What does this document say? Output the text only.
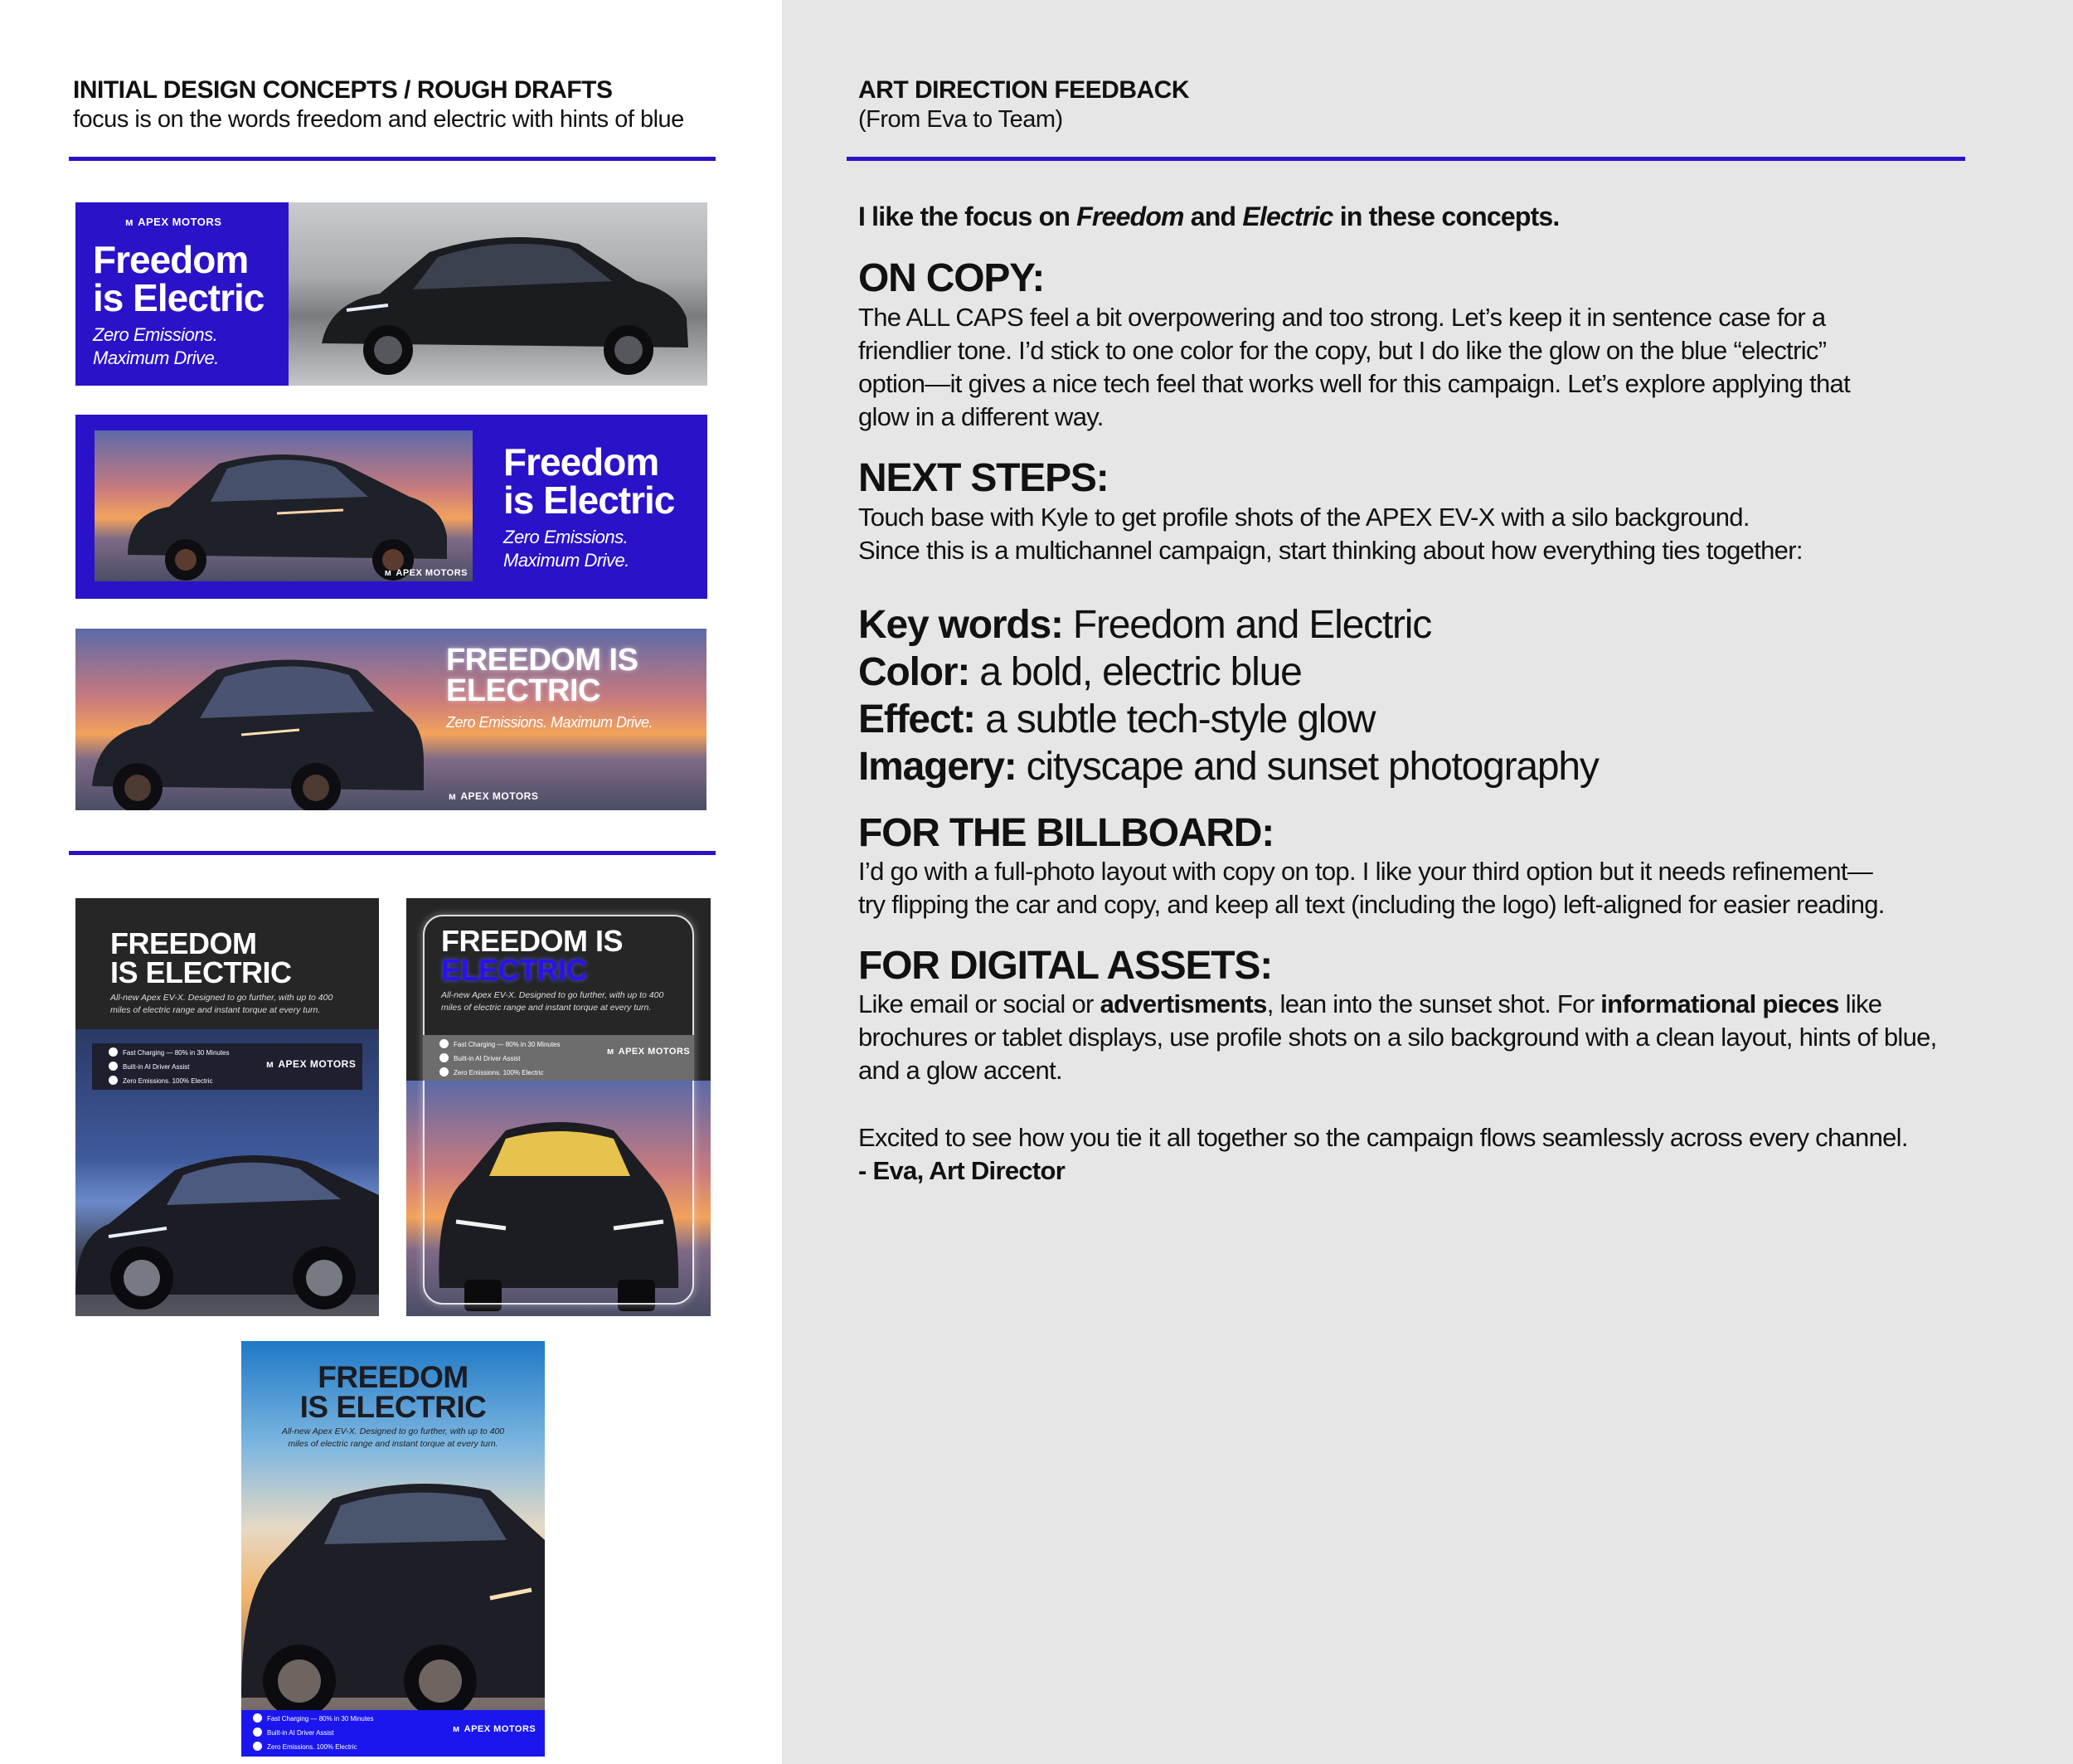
INITIAL DESIGN CONCEPTS / ROUGH DRAFTS
focus is on the words freedom and electric with hints of blue
ᴍ APEX MOTORS
Freedom
is Electric
Zero Emissions.
Maximum Drive.
ᴍ APEX MOTORS
Freedom
is Electric
Zero Emissions.
Maximum Drive.
FREEDOM IS
ELECTRIC
Zero Emissions. Maximum Drive.
ᴍ APEX MOTORS
FREEDOM
IS ELECTRIC
All-new Apex EV-X. Designed to go further, with up to 400
miles of electric range and instant torque at every turn.
Fast Charging — 80% in 30 Minutes
Built-in AI Driver Assist
Zero Emissions. 100% Electric
ᴍ APEX MOTORS
FREEDOM IS
ELECTRIC
All-new Apex EV-X. Designed to go further, with up to 400
miles of electric range and instant torque at every turn.
Fast Charging — 80% in 30 Minutes
Built-in AI Driver Assist
Zero Emissions. 100% Electric
ᴍ APEX MOTORS
FREEDOM
IS ELECTRIC
All-new Apex EV-X. Designed to go further, with up to 400
miles of electric range and instant torque at every turn.
Fast Charging — 80% in 30 Minutes
Built-in AI Driver Assist
Zero Emissions. 100% Electric
ᴍ APEX MOTORS
ART DIRECTION FEEDBACK
(From Eva to Team)
I like the focus on Freedom and Electric in these concepts.
ON COPY:
The ALL CAPS feel a bit overpowering and too strong. Let’s keep it in sentence case for a
friendlier tone. I’d stick to one color for the copy, but I do like the glow on the blue “electric”
option—it gives a nice tech feel that works well for this campaign. Let’s explore applying that
glow in a different way.
NEXT STEPS:
Touch base with Kyle to get profile shots of the APEX EV-X with a silo background.
Since this is a multichannel campaign, start thinking about how everything ties together:
Key words: Freedom and Electric
Color: a bold, electric blue
Effect: a subtle tech-style glow
Imagery: cityscape and sunset photography
FOR THE BILLBOARD:
I’d go with a full-photo layout with copy on top. I like your third option but it needs refinement—
try flipping the car and copy, and keep all text (including the logo) left-aligned for easier reading.
FOR DIGITAL ASSETS:
Like email or social or advertisments, lean into the sunset shot. For informational pieces like
brochures or tablet displays, use profile shots on a silo background with a clean layout, hints of blue,
and a glow accent.
Excited to see how you tie it all together so the campaign flows seamlessly across every channel.
- Eva, Art Director
